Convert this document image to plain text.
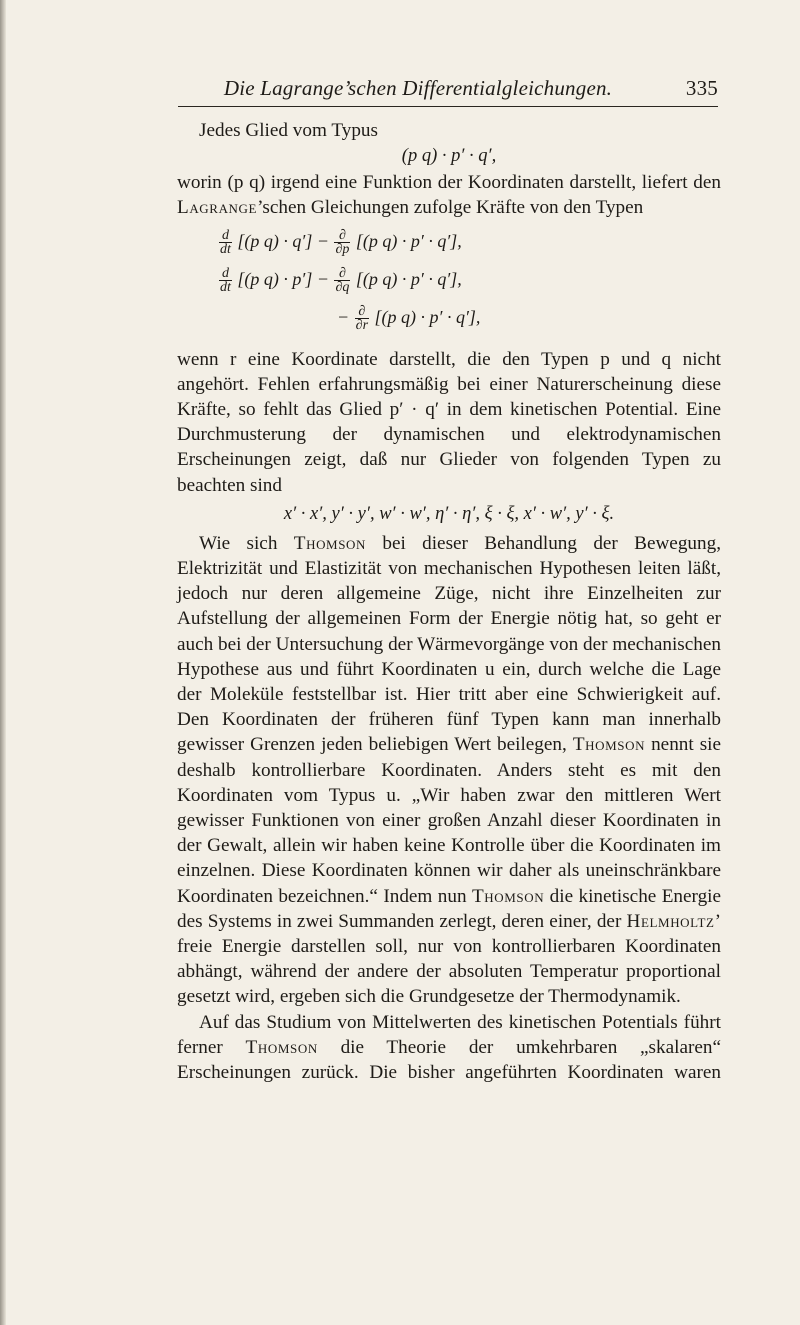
Die Lagrange’schen Differentialgleichungen.	335

Jedes Glied vom Typus

(p q) · p′ · q′,

worin (p q) irgend eine Funktion der Koordinaten darstellt, liefert den Lagrange’schen Gleichungen zufolge Kräfte von den Typen

$\frac{d}{dt} [(p$ $q) \cdot q'] - \frac{\partial}{\partial p} [(p$ q) · p′ · q′],
$\frac{d}{dt} [(p$ $q) \cdot p'] - \frac{\partial}{\partial q} [(p$ q) · p′ · q′],
− $\frac{\partial}{\partial r} [(p$ q) · p′ · q′],

wenn r eine Koordinate darstellt, die den Typen p und q nicht angehört. Fehlen erfahrungsmäßig bei einer Naturerscheinung diese Kräfte, so fehlt das Glied p′ · q′ in dem kinetischen Potential. Eine Durchmusterung der dynamischen und elektrodynamischen Erscheinungen zeigt, daß nur Glieder von folgenden Typen zu beachten sind

x′ · x′, y′ · y′, w′ · w′, η′ · η′, ξ · ξ, x′ · w′, y′ · ξ.

Wie sich Thomson bei dieser Behandlung der Bewegung, Elektrizität und Elastizität von mechanischen Hypothesen leiten läßt, jedoch nur deren allgemeine Züge, nicht ihre Einzelheiten zur Aufstellung der allgemeinen Form der Energie nötig hat, so geht er auch bei der Untersuchung der Wärmevorgänge von der mechanischen Hypothese aus und führt Koordinaten u ein, durch welche die Lage der Moleküle feststellbar ist. Hier tritt aber eine Schwierigkeit auf. Den Koordinaten der früheren fünf Typen kann man innerhalb gewisser Grenzen jeden beliebigen Wert beilegen, Thomson nennt sie deshalb kontrollierbare Koordinaten. Anders steht es mit den Koordinaten vom Typus u. „Wir haben zwar den mittleren Wert gewisser Funktionen von einer großen Anzahl dieser Koordinaten in der Gewalt, allein wir haben keine Kontrolle über die Koordinaten im einzelnen. Diese Koordinaten können wir daher als uneinschränkbare Koordinaten bezeichnen.“ Indem nun Thomson die kinetische Energie des Systems in zwei Summanden zerlegt, deren einer, der Helmholtz’ freie Energie darstellen soll, nur von kontrollierbaren Koordinaten abhängt, während der andere der absoluten Temperatur proportional gesetzt wird, ergeben sich die Grundgesetze der Thermodynamik.

Auf das Studium von Mittelwerten des kinetischen Potentials führt ferner Thomson die Theorie der umkehrbaren „skalaren“ Erscheinungen zurück. Die bisher angeführten Koordinaten waren
